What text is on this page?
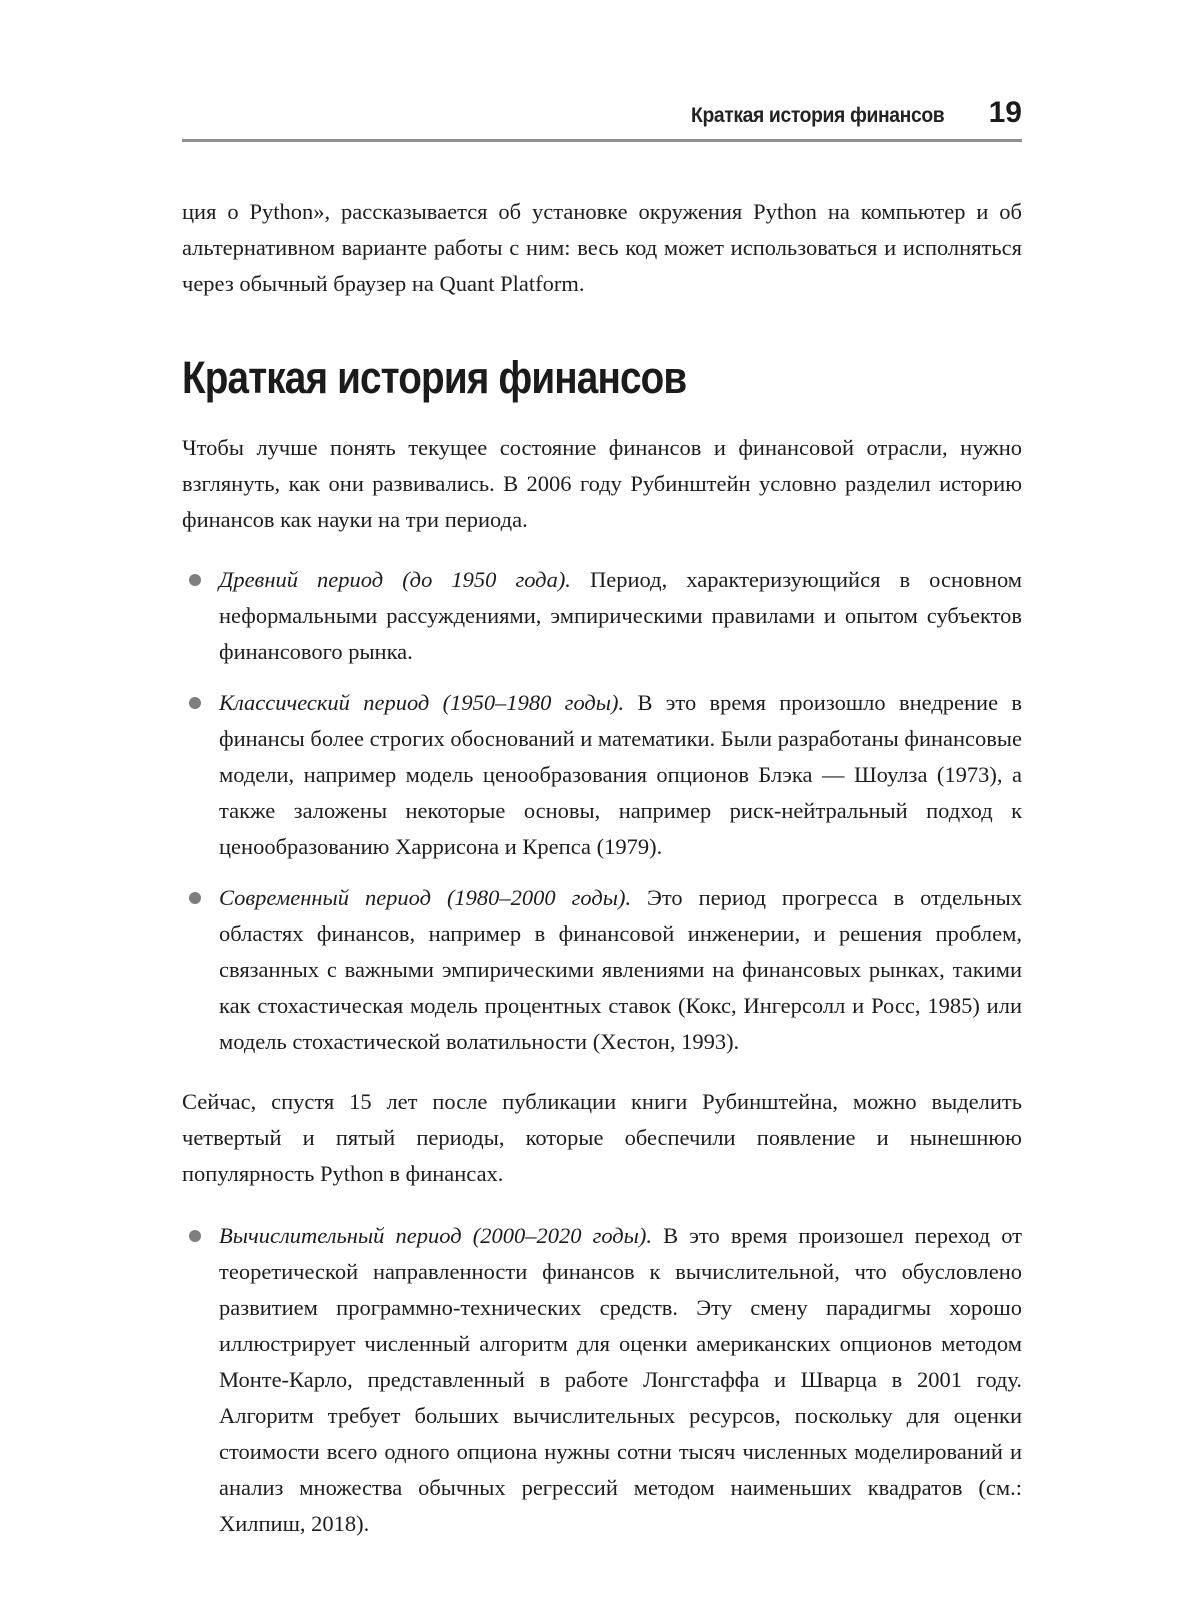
Краткая история финансов 19

ция о Python», рассказывается об установке окружения Python на компьютер и об альтернативном варианте работы с ним: весь код может использоваться и исполняться через обычный браузер на Quant Platform.

Краткая история финансов

Чтобы лучше понять текущее состояние финансов и финансовой отрасли, нужно взглянуть, как они развивались. В 2006 году Рубинштейн условно разделил историю финансов как науки на три периода.

Древний период (до 1950 года). Период, характеризующийся в основном неформальными рассуждениями, эмпирическими правилами и опытом субъектов финансового рынка.
Классический период (1950–1980 годы). В это время произошло внедрение в финансы более строгих обоснований и математики. Были разработаны финансовые модели, например модель ценообразования опционов Блэка — Шоулза (1973), а также заложены некоторые основы, например риск-нейтральный подход к ценообразованию Харрисона и Крепса (1979).
Современный период (1980–2000 годы). Это период прогресса в отдельных областях финансов, например в финансовой инженерии, и решения проблем, связанных с важными эмпирическими явлениями на финансовых рынках, такими как стохастическая модель процентных ставок (Кокс, Ингерсолл и Росс, 1985) или модель стохастической волатильности (Хестон, 1993).

Сейчас, спустя 15 лет после публикации книги Рубинштейна, можно выделить четвертый и пятый периоды, которые обеспечили появление и нынешнюю популярность Python в финансах.

Вычислительный период (2000–2020 годы). В это время произошел переход от теоретической направленности финансов к вычислительной, что обусловлено развитием программно-технических средств. Эту смену парадигмы хорошо иллюстрирует численный алгоритм для оценки американских опционов методом Монте-Карло, представленный в работе Лонгстаффа и Шварца в 2001 году. Алгоритм требует больших вычислительных ресурсов, поскольку для оценки стоимости всего одного опциона нужны сотни тысяч численных моделирований и анализ множества обычных регрессий методом наименьших квадратов (см.: Хилпиш, 2018).
